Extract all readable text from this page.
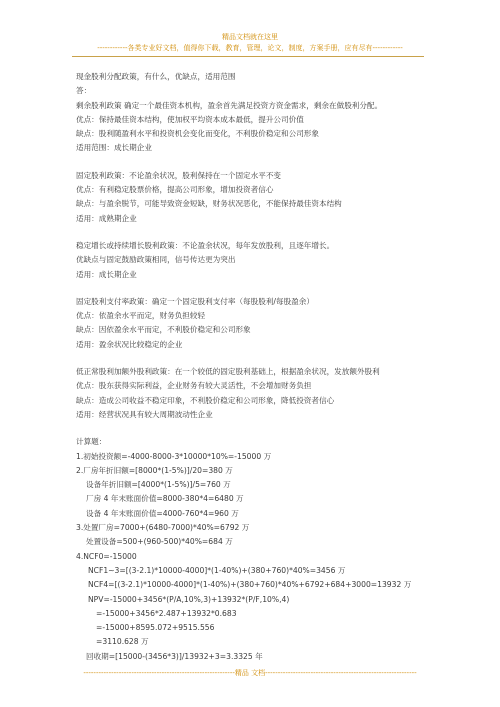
精品文档就在这里
------------各类专业好文档，值得你下载，教育，管理，论文，制度，方案手册，应有尽有------------
现金股利分配政策，有什么，优缺点，适用范围
答：
剩余股利政策 确定一个最佳资本机构，盈余首先满足投资方资金需求，剩余在做股利分配。
优点：保持最佳资本结构，使加权平均资本成本最低，提升公司价值
缺点：股利随盈利水平和投资机会变化而变化，不利股价稳定和公司形象
适用范围：成长期企业
固定股利政策：不论盈余状况，股利保持在一个固定水平不变
优点：有利稳定股票价格，提高公司形象，增加投资者信心
缺点：与盈余脱节，可能导致资金短缺，财务状况恶化，不能保持最佳资本结构
适用：成熟期企业
稳定增长或持续增长股利政策：不论盈余状况，每年发放股利，且逐年增长。
优缺点与固定鼓励政策相同，信号传达更为突出
适用：成长期企业
固定股利支付率政策：确定一个固定股利支付率（每股股利/每股盈余）
优点：依盈余水平而定，财务负担较轻
缺点：因依盈余水平而定，不利股价稳定和公司形象
适用：盈余状况比较稳定的企业
低正常股利加额外股利政策：在一个较低的固定股利基础上，根据盈余状况，发放额外股利
优点：股东获得实际利益，企业财务有较大灵活性，不会增加财务负担
缺点：造成公司收益不稳定印象，不利股价稳定和公司形象，降低投资者信心
适用：经营状况具有较大周期波动性企业
计算题：
1.初始投资额=-4000-8000-3*10000*10%=-15000 万
2.厂房年折旧额=[8000*(1-5%)]/20=380 万
设备年折旧额=[4000*(1-5%)]/5=760 万
厂房 4 年末账面价值=8000-380*4=6480 万
设备 4 年末账面价值=4000-760*4=960 万
3.处置厂房=7000+(6480-7000)*40%=6792 万
处置设备=500+(960-500)*40%=684 万
4.NCF0=-15000
NCF1~3=[(3-2.1)*10000-4000]*(1-40%)+(380+760)*40%=3456 万
NCF4=[(3-2.1)*10000-4000]*(1-40%)+(380+760)*40%+6792+684+3000=13932 万
NPV=-15000+3456*(P/A,10%,3)+13932*(P/F,10%,4)
=-15000+3456*2.487+13932*0.683
=-15000+8595.072+9515.556
=3110.628 万
回收期=[15000-(3456*3)]/13932+3=3.3325 年
------------------------------------------------------------精品 文档------------------------------------------------------------
